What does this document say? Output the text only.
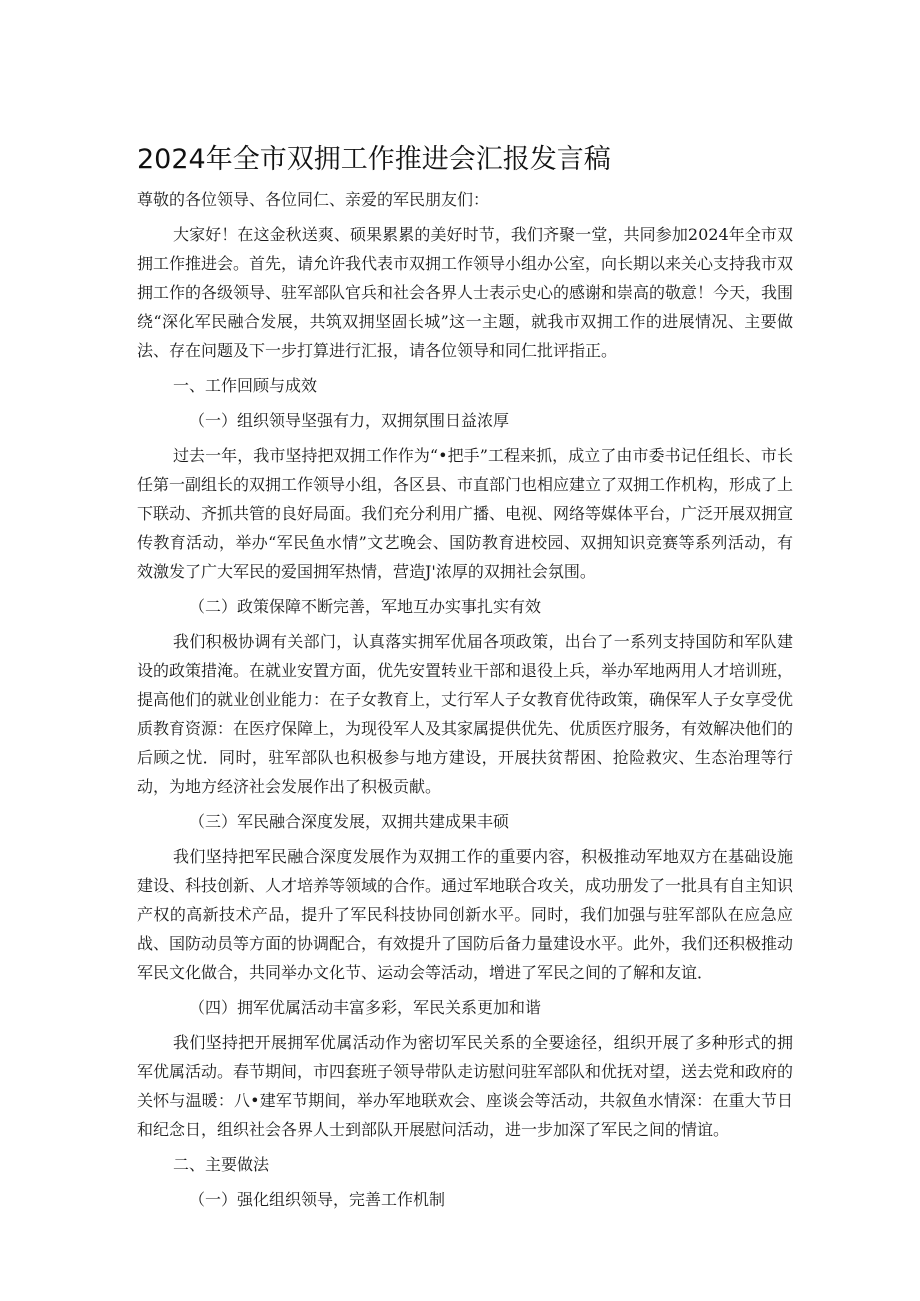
2024年全市双拥工作推进会汇报发言稿

尊敬的各位领导、各位同仁、亲爱的军民朋友们：

大家好！在这金秋送爽、硕果累累的美好时节，我们齐聚一堂，共同参加2024年全市双拥工作推进会。首先，请允许我代表市双拥工作领导小组办公室，向长期以来关心支持我市双拥工作的各级领导、驻军部队官兵和社会各界人士表示史心的感谢和崇高的敬意！今天，我围绕“深化军民融合发展，共筑双拥坚固长城”这一主题，就我市双拥工作的进展情况、主要做法、存在问题及下一步打算进行汇报，请各位领导和同仁批评指正。

一、工作回顾与成效

（一）组织领导坚强有力，双拥氛围日益浓厚

过去一年，我市坚持把双拥工作作为“•把手”工程来抓，成立了由市委书记任组长、市长任第一副组长的双拥工作领导小组，各区县、市直部门也相应建立了双拥工作机构，形成了上下联动、齐抓共管的良好局面。我们充分利用广播、电视、网络等媒体平台，广泛开展双拥宣传教育活动，举办“军民鱼水情”文艺晚会、国防教育进校园、双拥知识竞赛等系列活动，有效激发了广大军民的爱国拥军热情，营造J'浓厚的双拥社会氛围。

（二）政策保障不断完善，军地互办实事扎实有效

我们积极协调有关部门，认真落实拥军优届各项政策，出台了一系列支持国防和军队建设的政策措淹。在就业安置方面，优先安置转业干部和退役上兵，举办军地两用人才培训班，提高他们的就业创业能力：在子女教育上，丈行军人子女教育优待政策，确保军人子女享受优质教育资源：在医疗保障上，为现役军人及其家属提供优先、优质医疗服务，有效解决他们的后顾之忧．同时，驻军部队也积极参与地方建设，开展扶贫帮困、抢险救灾、生态治理等行动，为地方经济社会发展作出了积极贡献。

（三）军民融合深度发展，双拥共建成果丰硕

我们坚持把军民融合深度发展作为双拥工作的重要内容，积极推动军地双方在基础设施建设、科技创新、人才培养等领域的合作。通过军地联合攻关，成功册发了一批具有自主知识产权的高新技术产品，提升了军民科技协同创新水平。同时，我们加强与驻军部队在应急应战、国防动员等方面的协调配合，有效提升了国防后备力量建设水平。此外，我们还积极推动军民文化做合，共同举办文化节、运动会等活动，增进了军民之间的了解和友谊．

（四）拥军优属活动丰富多彩，军民关系更加和谐

我们坚持把开展拥军优属活动作为密切军民关系的全要途径，组织开展了多种形式的拥军优属活动。春节期间，市四套班子领导带队走访慰问驻军部队和优抚对望，送去党和政府的关怀与温暖：八•建军节期间，举办军地联欢会、座谈会等活动，共叙鱼水情深：在重大节日和纪念日，组织社会各界人士到部队开展慰问活动，进一步加深了军民之间的情谊。

二、主要做法

（一）强化组织领导，完善工作机制
